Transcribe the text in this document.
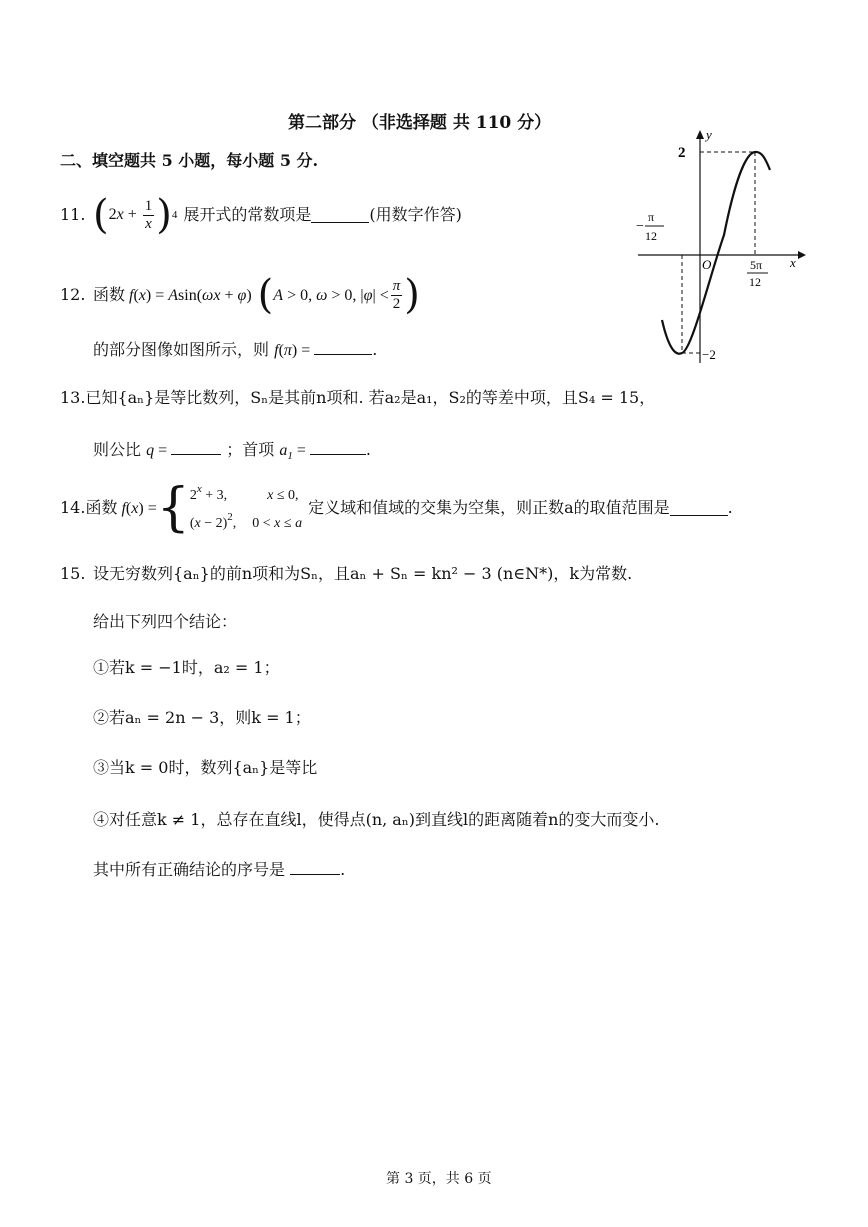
第二部分 （非选择题 共 110 分）
二、填空题共 5 小题，每小题 5 分.
y
x
O
2
−2
−
π
12
5π
12
11. ( 2 $x + \frac{1}{x}$ ) 4 展开式的常数项是	(用数字作答)
12. 函数 f(x) = Asin(ωx + φ) ( A > 0, ω > 0, $|\varphi| < \frac{\pi}{2}$ )
的部分图像如图所示，则 f(π) =	.
13.已知{aₙ}是等比数列，Sₙ是其前n项和. 若a₂是a₁，S₂的等差中项，且S₄ = 15，
则公比 q =	；首项 $a_1$ =	.
14. 函数 f(x) = { $2^x + 3$,	x ≤ 0,
$(x - 2)^2$, 0 < x ≤ a
定义域和值域的交集为空集，则正数a的取值范围是	.
15. 设无穷数列{aₙ}的前n项和为Sₙ，且aₙ + Sₙ = kn² − 3 (n∈N*)，k为常数.
给出下列四个结论：
①若k = −1时，a₂ = 1；
②若aₙ = 2n − 3，则k = 1；
③当k = 0时，数列{aₙ}是等比
④对任意k ≠ 1，总存在直线l，使得点(n, aₙ)到直线l的距离随着n的变大而变小.
其中所有正确结论的序号是	.
第 3 页，共 6 页
